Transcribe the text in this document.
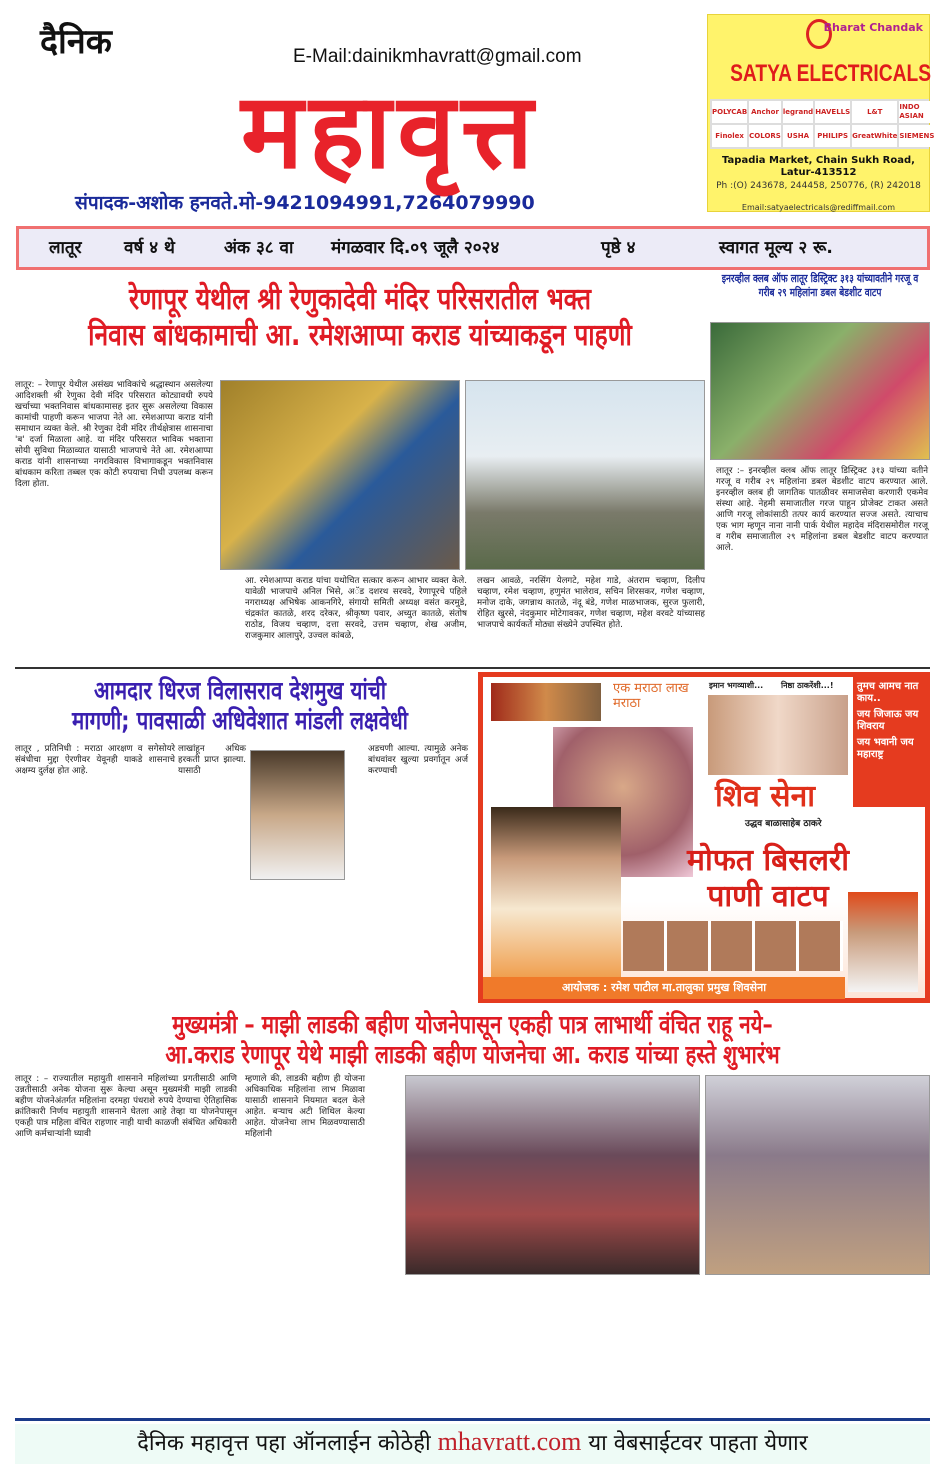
दैनिक	E-Mail:dainikmhavratt@gmail.com
महावृत्त
संपादक-अशोक हनवते.मो-9421094991,7264079990
Bharat Chandak
SATYA ELECTRICALS
POLYCAB Anchor legrand HAVELLS	L&T
INDO ASIAN
Finolex COLORS USHA	PHILIPS GreatWhite SIEMENS
Tapadia Market, Chain Sukh Road, Latur-413512
Ph :(O) 243678, 244458, 250776, (R) 242018
Email:satyaelectricals@rediffmail.com
लातूर वर्ष ४ थे	अंक ३८ वा मंगळवार दि.०९ जूलै २०२४	पृष्ठे ४	स्वागत मूल्य २ रू.
रेणापूर येथील श्री रेणुकादेवी मंदिर परिसरातील भक्त
निवास बांधकामाची आ. रमेशआप्पा कराड यांच्याकडून पाहणी
लातूर: – रेणापूर येथील असंख्य भाविकांचे श्रद्धास्थान असलेल्या आदिशक्ती श्री रेणुका देवी मंदिर परिसरात कोट्यावधी रुपये खर्चाच्या भक्तनिवास बांधकामासह इतर सुरू असलेल्या विकास कामांची पाहणी करून भाजपा नेते आ. रमेशआप्पा कराड यांनी समाधान व्यक्त केले. श्री रेणुका देवी मंदिर तीर्थक्षेत्रास शासनाचा 'ब' दर्जा मिळाला आहे. या मंदिर परिसरात भाविक भक्ताना सोयी सुविधा मिळाव्यात यासाठी भाजपाचे नेते आ. रमेशआप्पा कराड यांनी शासनाच्या नगरविकास विभागाकडून भक्तनिवास बांधकाम करिता तब्बल एक कोटी रुपयाचा निधी उपलब्ध करून दिला होता.
आ. रमेशआप्पा कराड यांचा यथोचित सत्कार करून आभार व्यक्त केले. यावेळी भाजपाचे अनिल भिसे, अॅड दशरथ सरवदे, रेणापूरचे पहिले नगराध्यक्ष अभिषेक आकनगिरे, संगायो समिती अध्यक्ष वसंत करमुडे, चंद्रकांत कातळे, शरद दरेकर, श्रीकृष्ण पवार, अच्युत कातळे, संतोष राठोड, विजय चव्हाण, दत्ता सरवदे, उत्तम चव्हाण, शेख अजीम, राजकुमार आलापुरे, उज्वल कांबळे,
लखन आवळे, नरसिंग येलगटे, महेश गाडे, अंतराम चव्हाण, दिलीप चव्हाण, रमेश चव्हाण, हणुमंत भालेराव, सचिन शिरसकर, गणेश चव्हाण, मनोज दाके, जगन्नाथ कातळे, नंदू बंडे, गणेश माळभाजक, सुरज फुलारी, रोहित खुरसे, नंदकुमार मोटेगावकर, गणेश चव्हाण, महेश वरवटे यांच्यासह भाजपाचे कार्यकर्ते मोठ्या संख्येने उपस्थित होते.
इनरव्हील क्लब ऑफ लातूर डिस्ट्रिक्ट ३१३ यांच्यावतीने गरजू व गरीब २९ महिलांना डबल बेडशीट वाटप
लातूर :– इनरव्हील क्लब ऑफ लातूर डिस्ट्रिक्ट ३१३ यांच्या वतीने गरजू व गरीब २९ महिलांना डबल बेडशीट वाटप करण्यात आले. इनरव्हील क्लब ही जागतिक पातळीवर समाजसेवा करणारी एकमेव संस्था आहे. नेहमी समाजातील गरज पाहून प्रोजेक्ट टाकत असते आणि गरजू लोकांसाठी तत्पर कार्य करण्यात सज्ज असते. त्याचाच एक भाग म्हणून नाना नानी पार्क येथील महादेव मंदिरासमोरील गरजू व गरीब समाजातील २९ महिलांना डबल बेडशीट वाटप करण्यात आले.
आमदार धिरज विलासराव देशमुख यांची
मागणी; पावसाळी अधिवेशात मांडली लक्षवेधी
लातूर , प्रतिनिधी : मराठा आरक्षण व सगेसोयरे संबंधीचा मुद्दा ऐरणीवर येवूनही याकडे शासनाचे अक्षम्य दुर्लक्ष होत आहे.
लाखांहून अधिक हरकती प्राप्त झाल्या. यासाठी
अडचणी आल्या. त्यामुळे अनेक बांधवांवर खुल्या प्रवर्गातून अर्ज करण्याची
एक मराठा लाख मराठा
इमान भगव्याशी... निष्ठा ठाकरेंशी...! तुमच आमच नात काय..
जय जिजाऊ जय शिवराय
जय भवानी जय महाराष्ट्र
शिव सेना
उद्धव बाळासाहेब ठाकरे
मोफत बिसलरी
पाणी वाटप
आयोजक : रमेश पाटील मा.तालुका प्रमुख शिवसेना
मुख्यमंत्री – माझी लाडकी बहीण योजनेपासून एकही पात्र लाभार्थी वंचित राहू नये–
आ.कराड रेणापूर येथे माझी लाडकी बहीण योजनेचा आ. कराड यांच्या हस्ते शुभारंभ
लातूर : – राज्यातील महायुती शासनाने महिलांच्या प्रगतीसाठी आणि उन्नतीसाठी अनेक योजना सुरू केल्या असून मुख्यमंत्री माझी लाडकी बहीण योजनेअंतर्गत महिलांना दरमहा पंधराशे रुपये देण्याचा ऐतिहासिक क्रांतिकारी निर्णय महायुती शासनाने घेतला आहे तेव्हा या योजनेपासून एकही पात्र महिला वंचित राहणार नाही याची काळजी संबंधित अधिकारी आणि कर्मचाऱ्यांनी घ्यावी
म्हणाले की, लाडकी बहीण ही योजना अधिकाधिक महिलांना लाभ मिळावा यासाठी शासनाने नियमात बदल केले आहेत. बऱ्याच अटी शिथिल केल्या आहेत. योजनेचा लाभ मिळवण्यासाठी महिलांनी
दैनिक महावृत्त पहा ऑनलाईन कोठेही mhavratt.com या वेबसाईटवर पाहता येणार
